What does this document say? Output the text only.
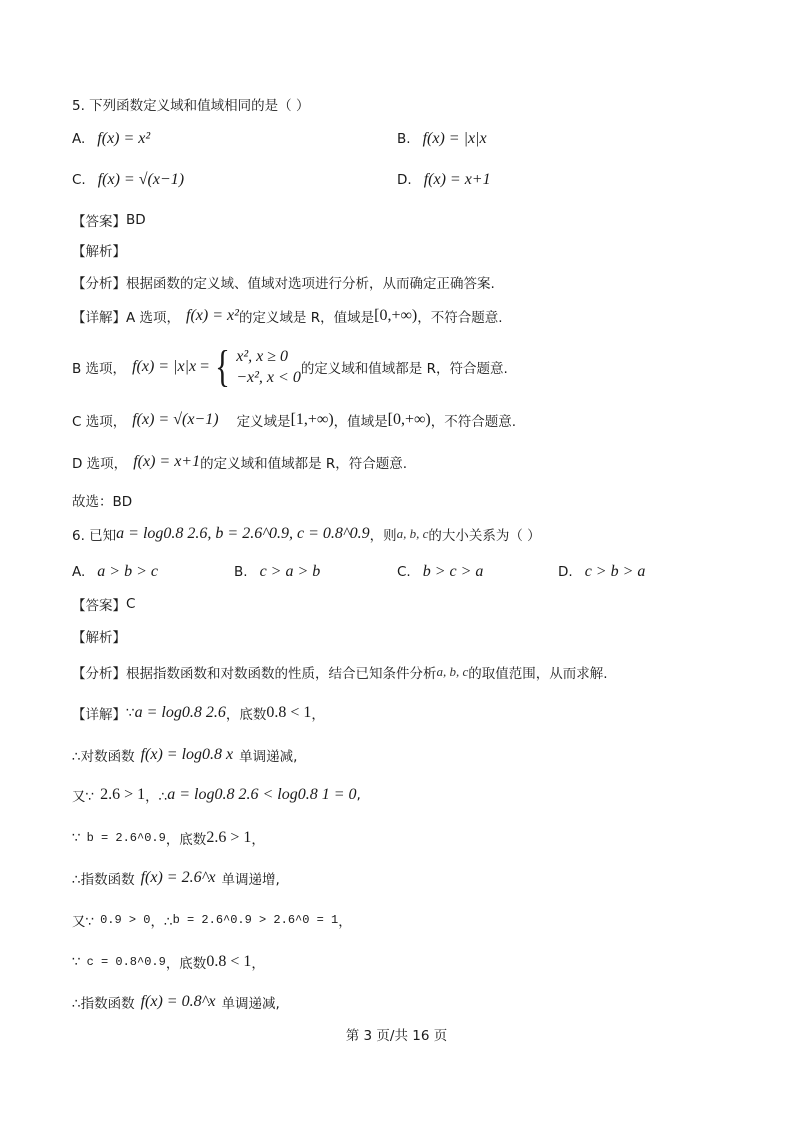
5. 下列函数定义域和值域相同的是（ ）
A. f(x) = x²	B. f(x) = |x|x
C. f(x) = √(x−1)	D. f(x) = x+1
【答案】 BD
【解析】
【分析】 根据函数的定义域、值域对选项进行分析，从而确定正确答案.
【详解】 A 选项， f(x) = x² 的定义域是 R，值域是 [0,+∞) ，不符合题意.
B 选项， f(x) = |x|x = { x², x ≥ 0
−x², x < 0 的定义域和值域都是 R，符合题意.
C 选项， f(x) = √(x−1) 定义域是 [1,+∞) ，值域是 [0,+∞) ，不符合题意.
D 选项， f(x) = x+1 的定义域和值域都是 R，符合题意.
故选：BD
6. 已知 a = log0.8 2.6, b = 2.6^0.9, c = 0.8^0.9 ，则 a, b, c 的大小关系为（ ）
A. a > b > c	B. c > a > b	C. b > c > a	D. c > b > a
【答案】 C
【解析】
【分析】 根据指数函数和对数函数的性质，结合已知条件分析 a, b, c 的取值范围，从而求解.
【详解】 ∵ a = log0.8 2.6 ，底数 0.8 < 1 ，
∴对数函数 f(x) = log0.8 x 单调递减,
又∵ 2.6 > 1 ，∴ a = log0.8 2.6 < log0.8 1 = 0 ,
∵ b = 2.6^0.9 ，底数 2.6 > 1 ，
∴指数函数 f(x) = 2.6^x 单调递增,
又∵ 0.9 > 0 ，∴ b = 2.6^0.9 > 2.6^0 = 1 ，
∵ c = 0.8^0.9 ，底数 0.8 < 1 ，
∴指数函数 f(x) = 0.8^x 单调递减,
第 3 页/共 16 页
